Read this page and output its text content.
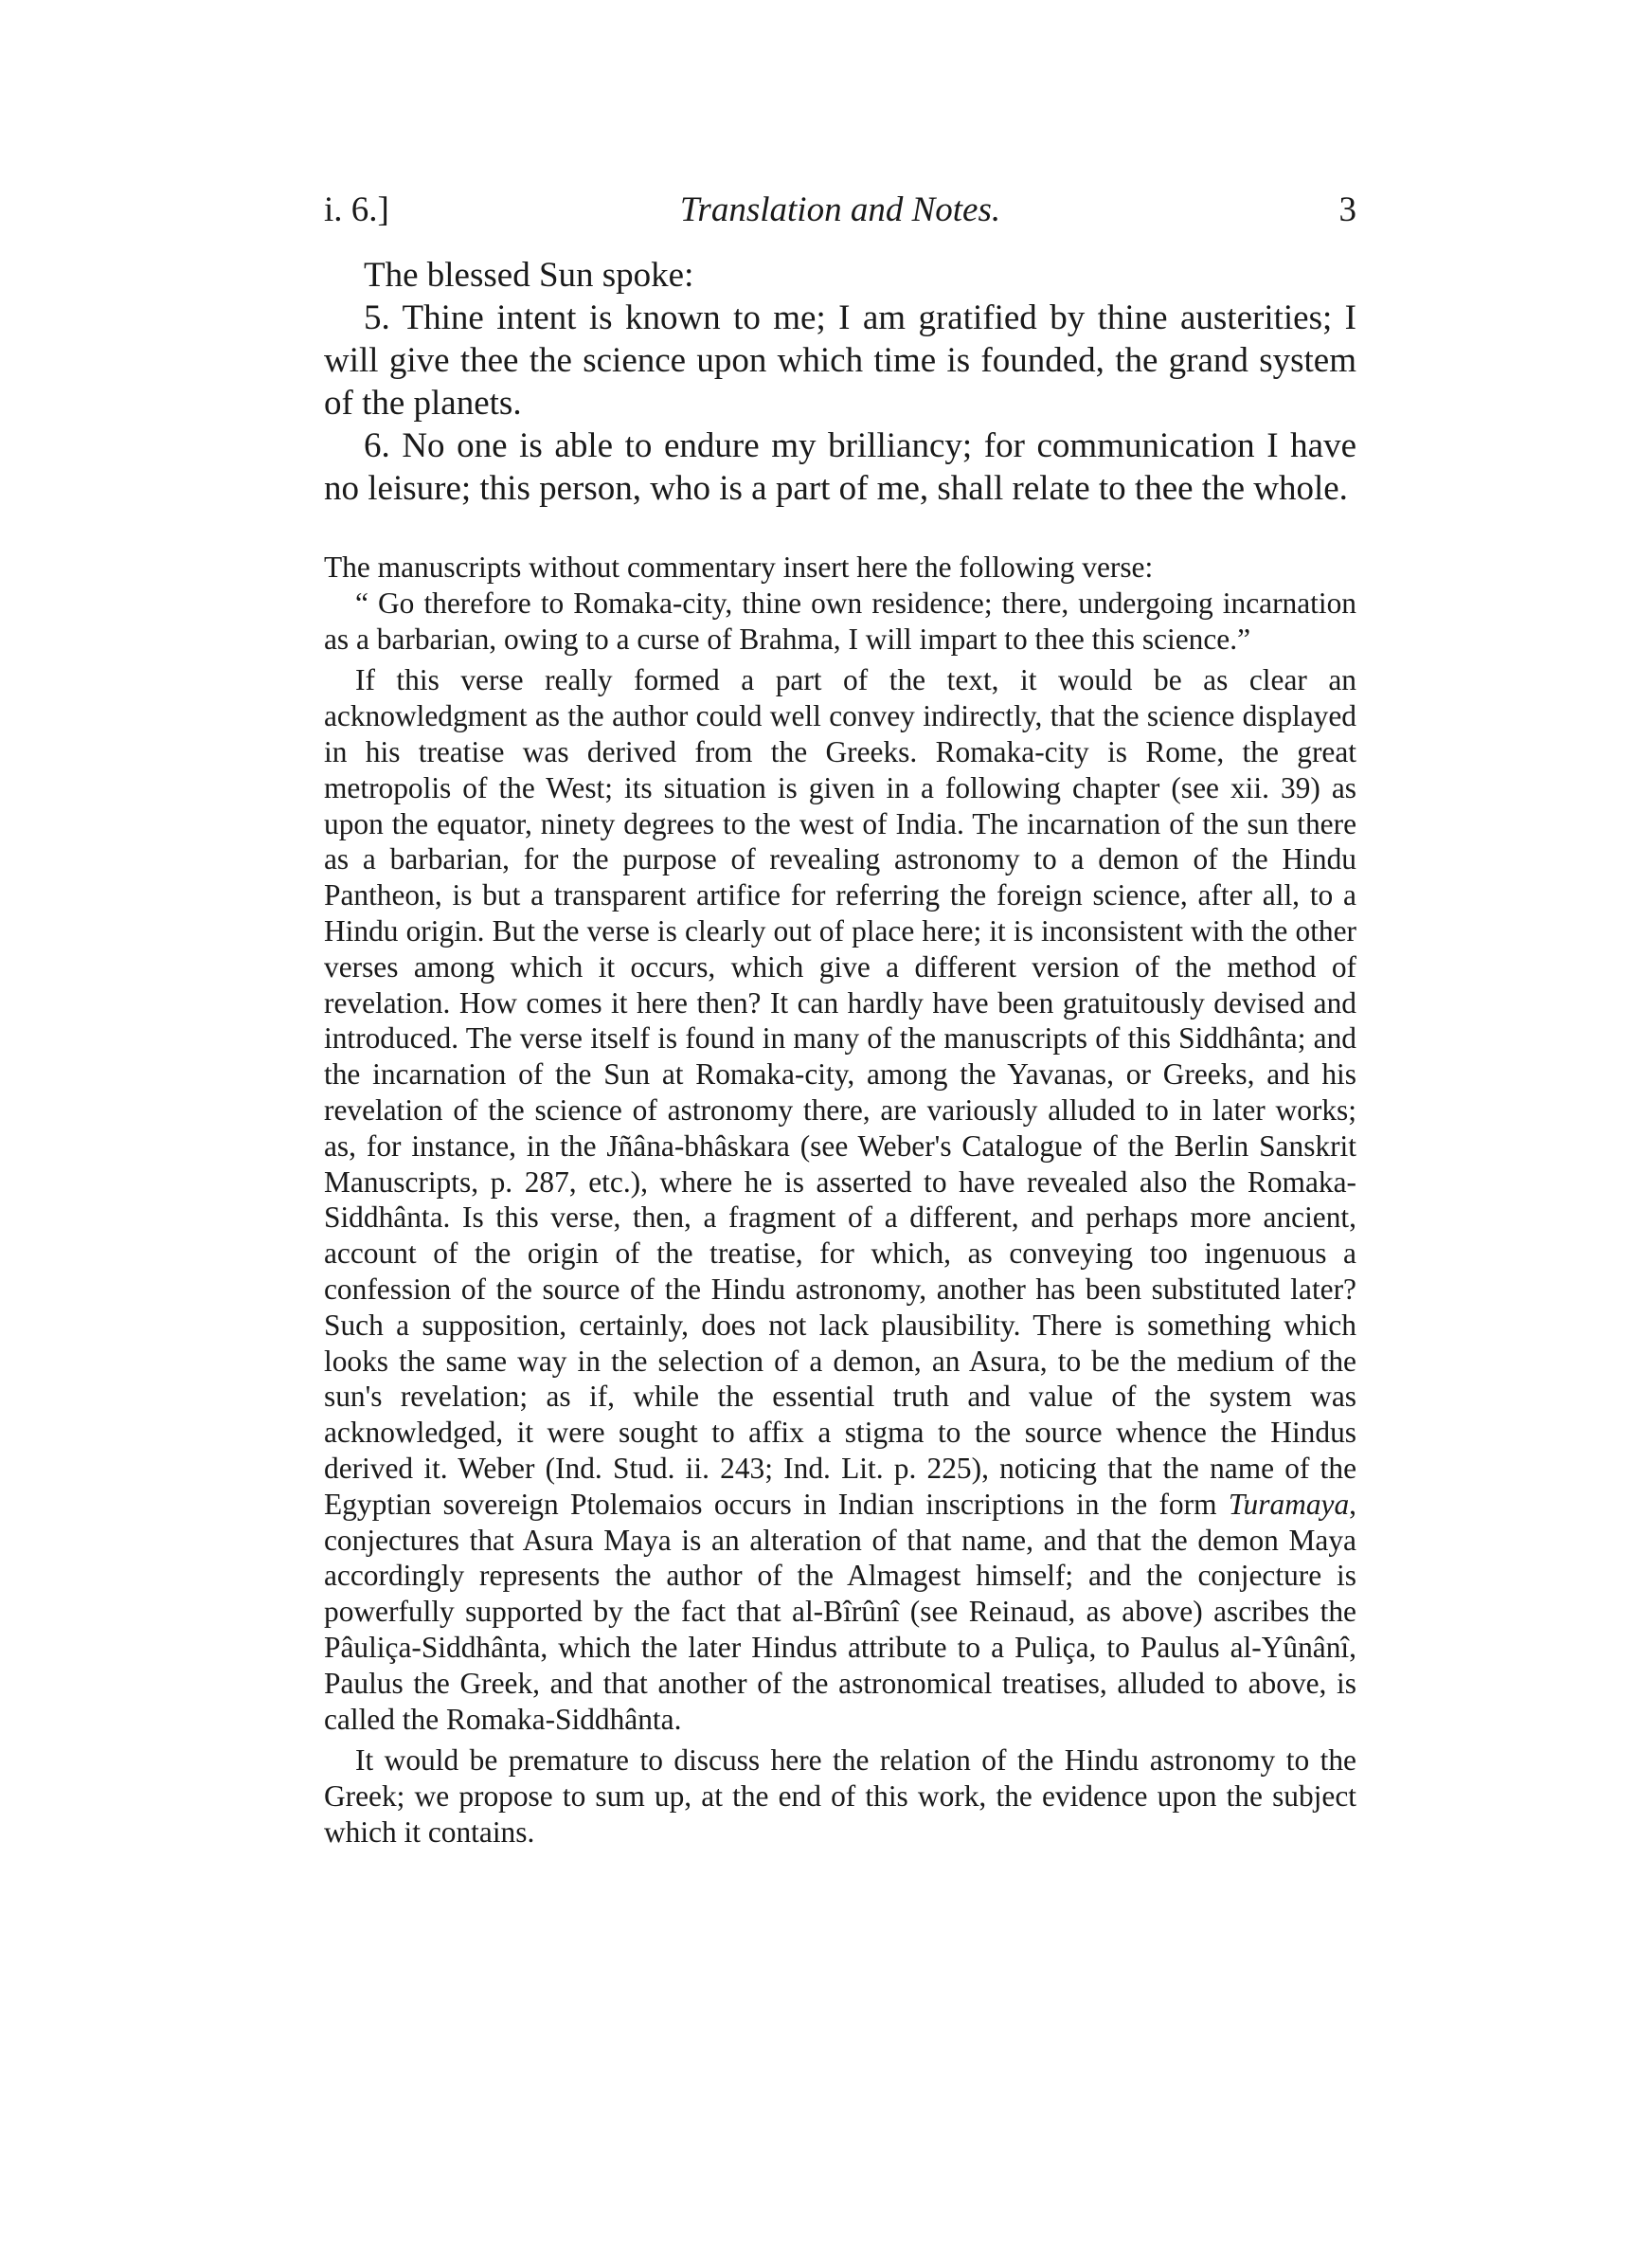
i. 6.]	Translation and Notes.	3

The blessed Sun spoke:

5. Thine intent is known to me; I am gratified by thine austerities; I will give thee the science upon which time is founded, the grand system of the planets.

6. No one is able to endure my brilliancy; for communication I have no leisure; this person, who is a part of me, shall relate to thee the whole.

The manuscripts without commentary insert here the following verse:

“ Go therefore to Romaka-city, thine own residence; there, undergoing incarnation as a barbarian, owing to a curse of Brahma, I will impart to thee this science.”

If this verse really formed a part of the text, it would be as clear an acknowledgment as the author could well convey indirectly, that the science displayed in his treatise was derived from the Greeks. Romaka-city is Rome, the great metropolis of the West; its situation is given in a following chapter (see xii. 39) as upon the equator, ninety degrees to the west of India. The incarnation of the sun there as a barbarian, for the purpose of revealing astronomy to a demon of the Hindu Pantheon, is but a transparent artifice for referring the foreign science, after all, to a Hindu origin. But the verse is clearly out of place here; it is inconsistent with the other verses among which it occurs, which give a different version of the method of revelation. How comes it here then? It can hardly have been gratuitously devised and introduced. The verse itself is found in many of the manuscripts of this Siddhânta; and the incarnation of the Sun at Romaka-city, among the Yavanas, or Greeks, and his revelation of the science of astronomy there, are variously alluded to in later works; as, for instance, in the Jñâna-bhâskara (see Weber's Catalogue of the Berlin Sanskrit Manuscripts, p. 287, etc.), where he is asserted to have revealed also the Romaka-Siddhânta. Is this verse, then, a fragment of a different, and perhaps more ancient, account of the origin of the treatise, for which, as conveying too ingenuous a confession of the source of the Hindu astronomy, another has been substituted later? Such a supposition, certainly, does not lack plausibility. There is something which looks the same way in the selection of a demon, an Asura, to be the medium of the sun's revelation; as if, while the essential truth and value of the system was acknowledged, it were sought to affix a stigma to the source whence the Hindus derived it. Weber (Ind. Stud. ii. 243; Ind. Lit. p. 225), noticing that the name of the Egyptian sovereign Ptolemaios occurs in Indian inscriptions in the form Turamaya, conjectures that Asura Maya is an alteration of that name, and that the demon Maya accordingly represents the author of the Almagest himself; and the conjecture is powerfully supported by the fact that al-Bîrûnî (see Reinaud, as above) ascribes the Pâuliça-Siddhânta, which the later Hindus attribute to a Puliça, to Paulus al-Yûnânî, Paulus the Greek, and that another of the astronomical treatises, alluded to above, is called the Romaka-Siddhânta.

It would be premature to discuss here the relation of the Hindu astronomy to the Greek; we propose to sum up, at the end of this work, the evidence upon the subject which it contains.
